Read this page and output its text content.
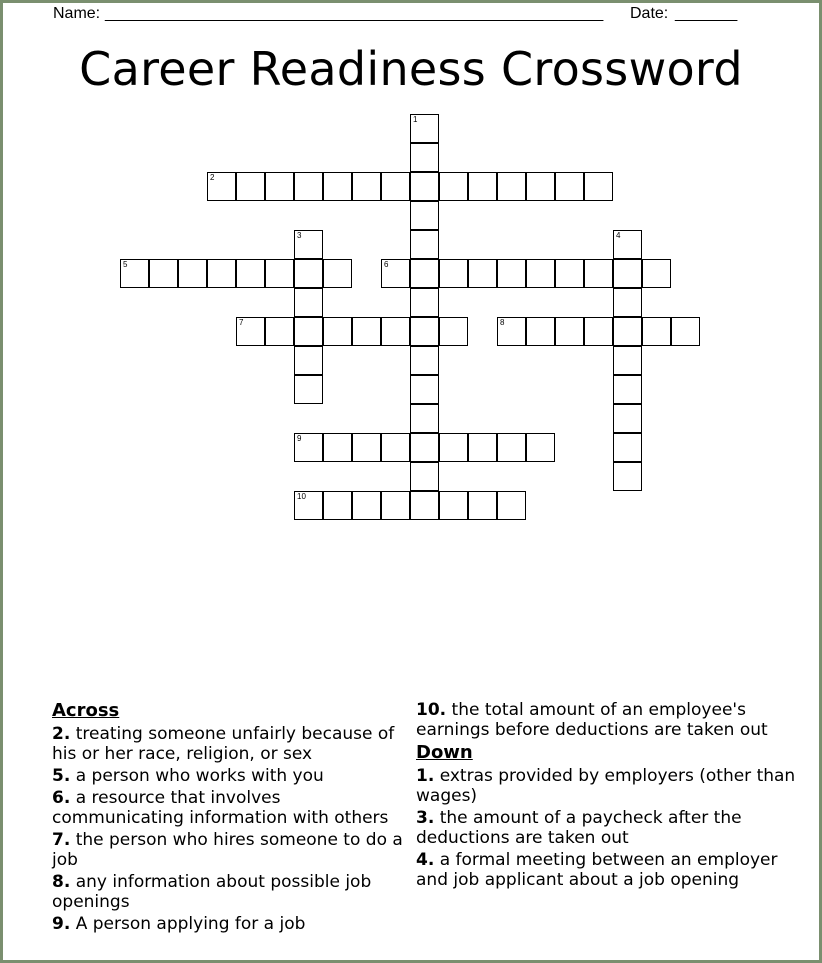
Name: ________________________________________________________ Date: _______
Career Readiness Crossword
1
3	4
2
5	6
7	8
9
10
Across
2. treating someone unfairly because of his or her race, religion, or sex
5. a person who works with you
6. a resource that involves communicating information with others
7. the person who hires someone to do a job
8. any information about possible job openings
9. A person applying for a job
10. the total amount of an employee's earnings before deductions are taken out
Down
1. extras provided by employers (other than wages)
3. the amount of a paycheck after the deductions are taken out
4. a formal meeting between an employer and job applicant about a job opening
